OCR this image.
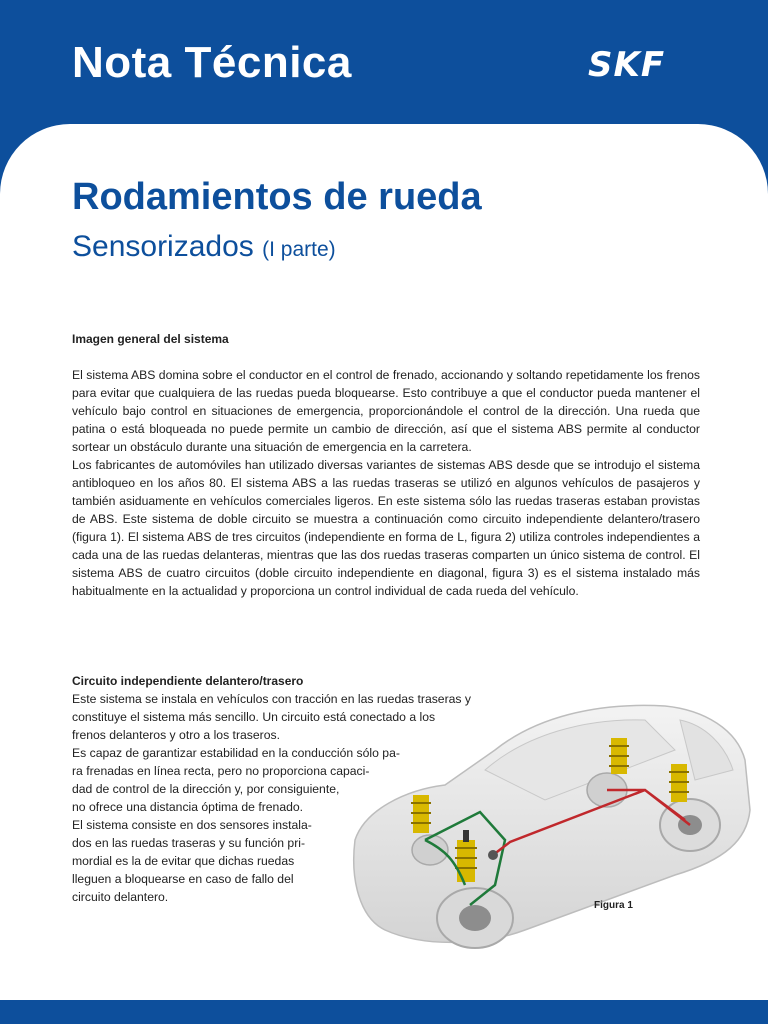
Nota Técnica	SKF
Rodamientos de rueda
Sensorizados (I parte)
Imagen general del sistema

El sistema ABS domina sobre el conductor en el control de frenado, accionando y soltando repetidamente los frenos para evitar que cualquiera de las ruedas pueda bloquearse. Esto contribuye a que el conductor pueda mantener el vehículo bajo control en situaciones de emergencia, proporcionándole el control de la dirección. Una rueda que patina o está bloqueada no puede permite un cambio de dirección, así que el sistema ABS permite al conductor sortear un obstáculo durante una situación de emergencia en la carretera.

Los fabricantes de automóviles han utilizado diversas variantes de sistemas ABS desde que se introdujo el sistema antibloqueo en los años 80. El sistema ABS a las ruedas traseras se utilizó en algunos vehículos de pasajeros y también asiduamente en vehículos comerciales ligeros. En este sistema sólo las ruedas traseras estaban provistas de ABS. Este sistema de doble circuito se muestra a continuación como circuito independiente delantero/trasero (figura 1). El sistema ABS de tres circuitos (independiente en forma de L, figura 2) utiliza controles independientes a cada una de las ruedas delanteras, mientras que las dos ruedas traseras comparten un único sistema de control. El sistema ABS de cuatro circuitos (doble circuito independiente en diagonal, figura 3) es el sistema instalado más habitualmente en la actualidad y proporciona un control individual de cada rueda del vehículo.

Circuito independiente delantero/trasero
Este sistema se instala en vehículos con tracción en las ruedas traseras y
constituye el sistema más sencillo. Un circuito está conectado a los
frenos delanteros y otro a los traseros.
Es capaz de garantizar estabilidad en la conducción sólo pa-
ra frenadas en línea recta, pero no proporciona capaci-
dad de control de la dirección y, por consiguiente,
no ofrece una distancia óptima de frenado.
El sistema consiste en dos sensores instala-
dos en las ruedas traseras y su función pri-
mordial es la de evitar que dichas ruedas
lleguen a bloquearse en caso de fallo del
circuito delantero.
Figura 1
